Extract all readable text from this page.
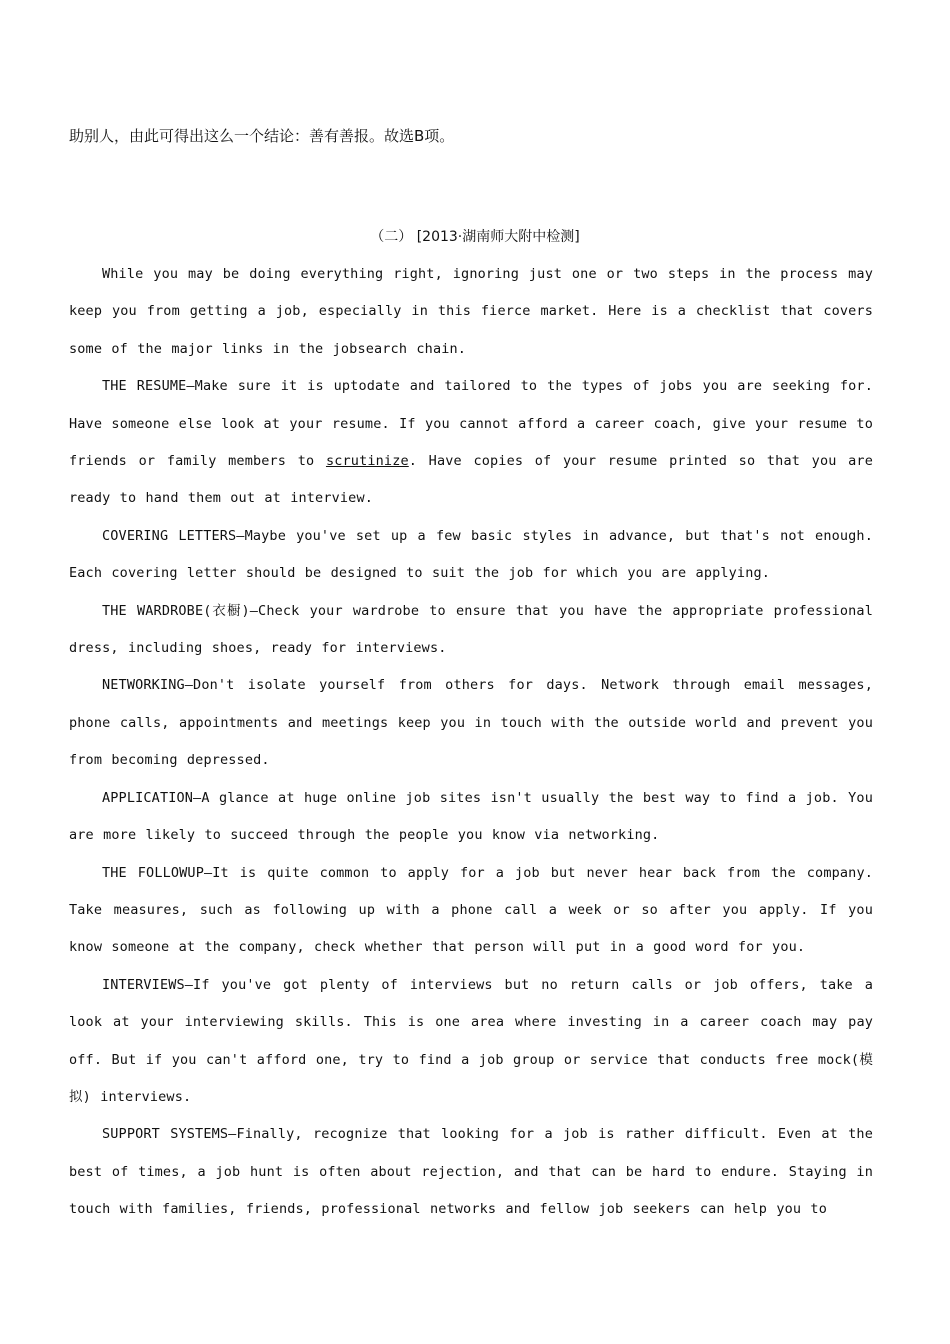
助别人，由此可得出这么一个结论：善有善报。故选B项。
（二） [2013·湖南师大附中检测]

While you may be doing everything right, ignoring just one or two steps in the process may keep you from getting a job, especially in this fierce market. Here is a checklist that covers some of the major links in the jobsearch chain.

THE RESUME—Make sure it is uptodate and tailored to the types of jobs you are seeking for. Have someone else look at your resume. If you cannot afford a career coach, give your resume to friends or family members to scrutinize. Have copies of your resume printed so that you are ready to hand them out at interview.

COVERING LETTERS—Maybe you've set up a few basic styles in advance, but that's not enough. Each covering letter should be designed to suit the job for which you are applying.

THE WARDROBE(衣橱)—Check your wardrobe to ensure that you have the appropriate professional dress, including shoes, ready for interviews.

NETWORKING—Don't isolate yourself from others for days. Network through email messages, phone calls, appointments and meetings keep you in touch with the outside world and prevent you from becoming depressed.

APPLICATION—A glance at huge online job sites isn't usually the best way to find a job. You are more likely to succeed through the people you know via networking.

THE FOLLOWUP—It is quite common to apply for a job but never hear back from the company. Take measures, such as following up with a phone call a week or so after you apply. If you know someone at the company, check whether that person will put in a good word for you.

INTERVIEWS—If you've got plenty of interviews but no return calls or job offers, take a look at your interviewing skills. This is one area where investing in a career coach may pay off. But if you can't afford one, try to find a job group or service that conducts free mock(模拟) interviews.

SUPPORT SYSTEMS—Finally, recognize that looking for a job is rather difficult. Even at the best of times, a job hunt is often about rejection, and that can be hard to endure. Staying in touch with families, friends, professional networks and fellow job seekers can help you to
